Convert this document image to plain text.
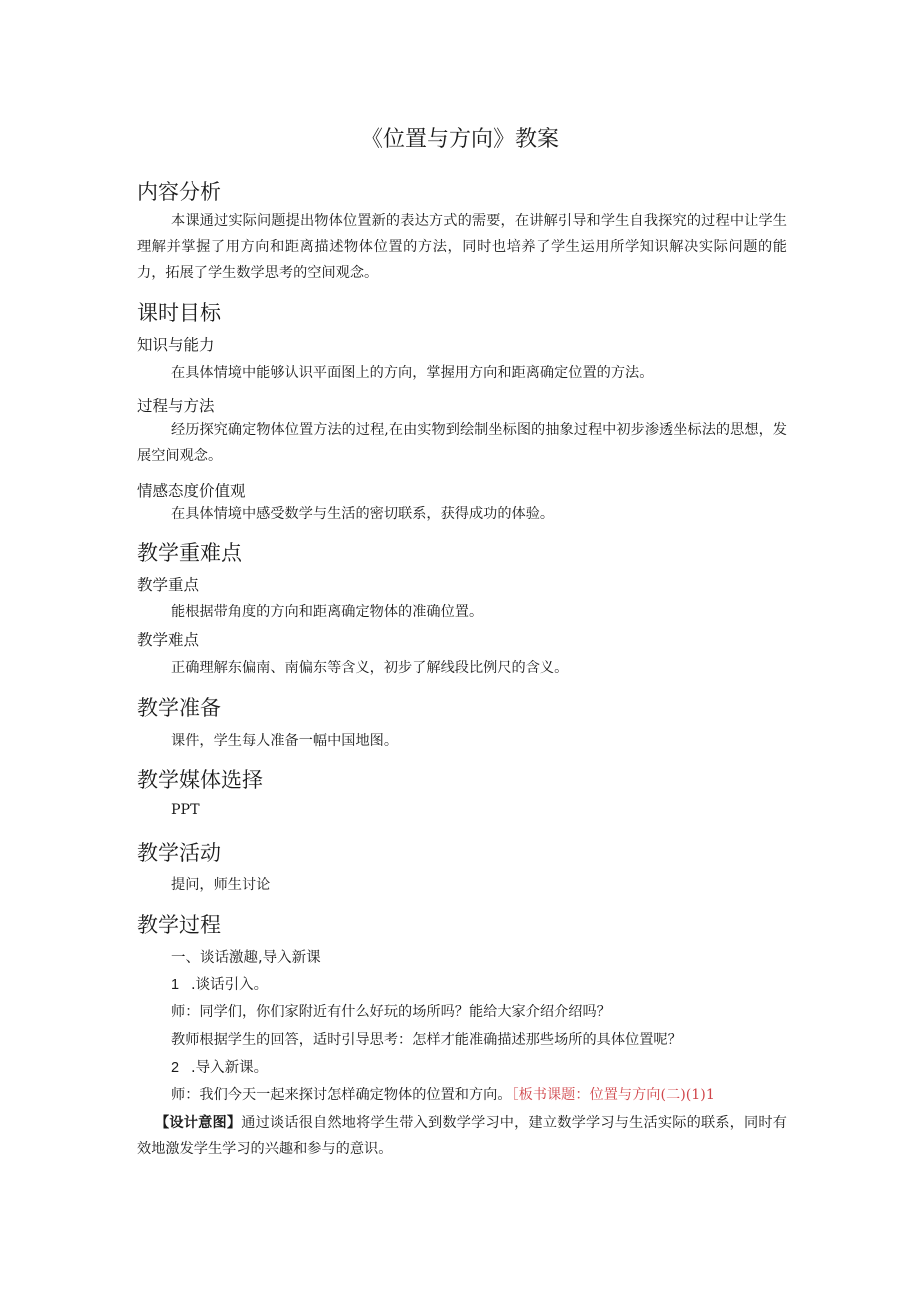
《位置与方向》教案
内容分析

本课通过实际问题提出物体位置新的表达方式的需要，在讲解引导和学生自我探究的过程中让学生理解并掌握了用方向和距离描述物体位置的方法，同时也培养了学生运用所学知识解决实际问题的能力，拓展了学生数学思考的空间观念。

课时目标
知识与能力
在具体情境中能够认识平面图上的方向，掌握用方向和距离确定位置的方法。
过程与方法

经历探究确定物体位置方法的过程,在由实物到绘制坐标图的抽象过程中初步渗透坐标法的思想，发展空间观念。

情感态度价值观
在具体情境中感受数学与生活的密切联系，获得成功的体验。
教学重难点
教学重点
能根据带角度的方向和距离确定物体的准确位置。
教学难点
正确理解东偏南、南偏东等含义，初步了解线段比例尺的含义。
教学准备
课件，学生每人准备一幅中国地图。
教学媒体选择
PPT
教学活动
提问，师生讨论
教学过程
一、谈话激趣,导入新课
1 .谈话引入。
师：同学们，你们家附近有什么好玩的场所吗？能给大家介绍介绍吗？
教师根据学生的回答，适时引导思考：怎样才能准确描述那些场所的具体位置呢？
2 .导入新课。
师：我们今天一起来探讨怎样确定物体的位置和方向。［板书课题：位置与方向(二)(1)1

【设计意图】通过谈话很自然地将学生带入到数学学习中，建立数学学习与生活实际的联系，同时有效地激发学生学习的兴趣和参与的意识。
